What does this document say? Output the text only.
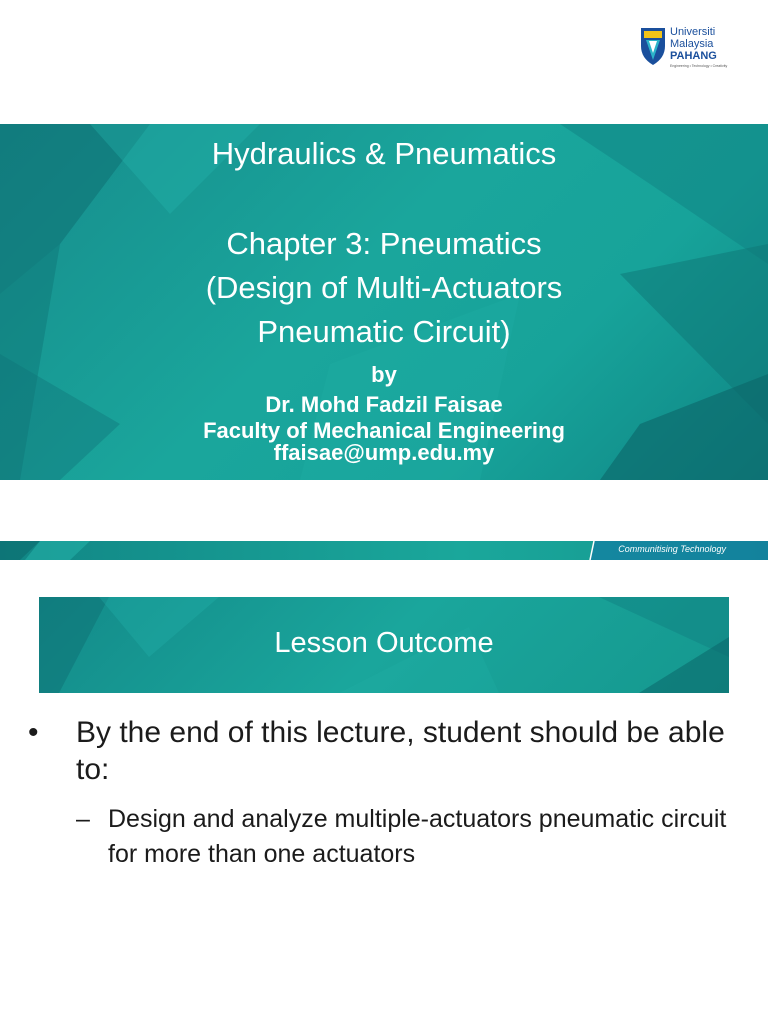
Universiti
Malaysia
PAHANG
Engineering • Technology • Creativity
Hydraulics & Pneumatics
Chapter 3: Pneumatics
(Design of Multi-Actuators
Pneumatic Circuit)
by
Dr. Mohd Fadzil Faisae
Faculty of Mechanical Engineering
ffaisae@ump.edu.my
Communitising Technology
Lesson Outcome
•	By the end of this lecture, student should be able to:
– Design and analyze multiple-actuators pneumatic circuit for more than one actuators
